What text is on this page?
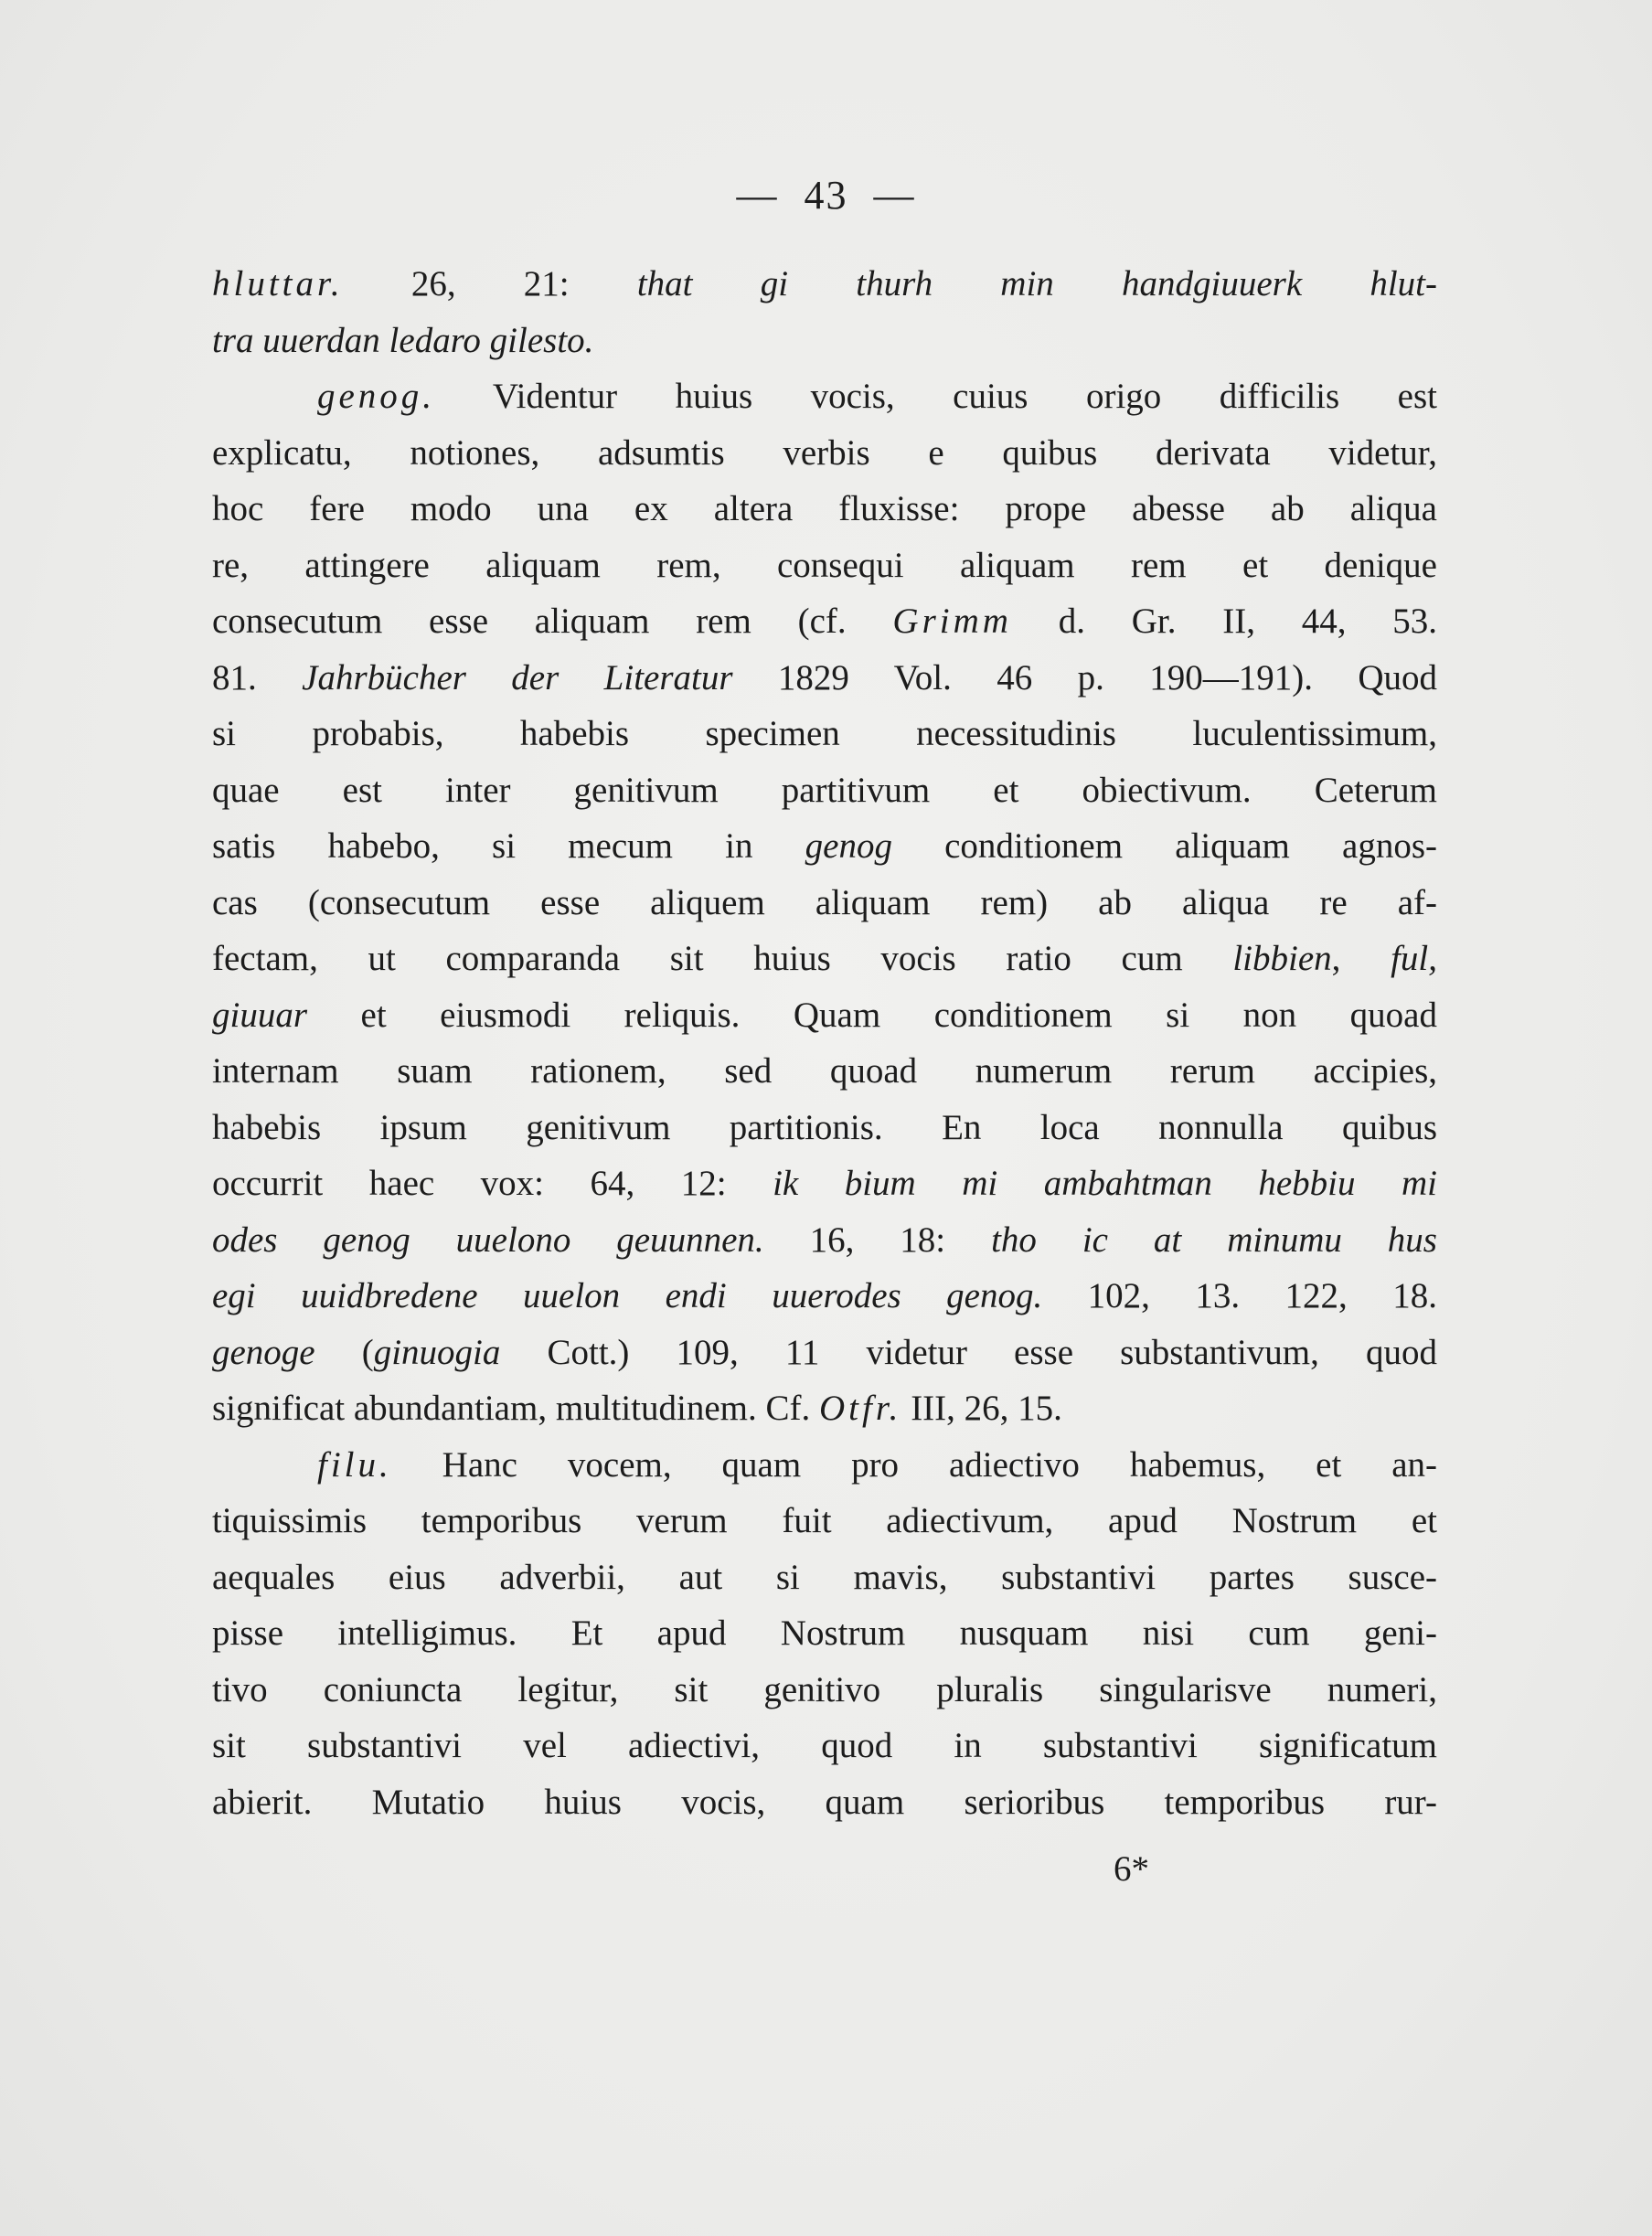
— 43 —
hluttar. 26, 21: that gi thurh min handgiuuerk hlut-
tra uuerdan ledaro gilesto.
genog. Videntur huius vocis, cuius origo difficilis est
explicatu, notiones, adsumtis verbis e quibus derivata videtur,
hoc fere modo una ex altera fluxisse: prope abesse ab aliqua
re, attingere aliquam rem, consequi aliquam rem et denique
consecutum esse aliquam rem (cf. Grimm d. Gr. II, 44, 53.
81. Jahrbücher der Literatur 1829 Vol. 46 p. 190—191). Quod
si probabis, habebis specimen necessitudinis luculentissimum,
quae est inter genitivum partitivum et obiectivum. Ceterum
satis habebo, si mecum in genog conditionem aliquam agnos-
cas (consecutum esse aliquem aliquam rem) ab aliqua re af-
fectam, ut comparanda sit huius vocis ratio cum libbien, ful,
giuuar et eiusmodi reliquis. Quam conditionem si non quoad
internam suam rationem, sed quoad numerum rerum accipies,
habebis ipsum genitivum partitionis. En loca nonnulla quibus
occurrit haec vox: 64, 12: ik bium mi ambahtman hebbiu mi
odes genog uuelono geuunnen. 16, 18: tho ic at minumu hus
egi uuidbredene uuelon endi uuerodes genog. 102, 13. 122, 18.
genoge (ginuogia Cott.) 109, 11 videtur esse substantivum, quod
significat abundantiam, multitudinem. Cf. Otfr. III, 26, 15.
filu. Hanc vocem, quam pro adiectivo habemus, et an-
tiquissimis temporibus verum fuit adiectivum, apud Nostrum et
aequales eius adverbii, aut si mavis, substantivi partes susce-
pisse intelligimus. Et apud Nostrum nusquam nisi cum geni-
tivo coniuncta legitur, sit genitivo pluralis singularisve numeri,
sit substantivi vel adiectivi, quod in substantivi significatum
abierit. Mutatio huius vocis, quam serioribus temporibus rur-
6*
